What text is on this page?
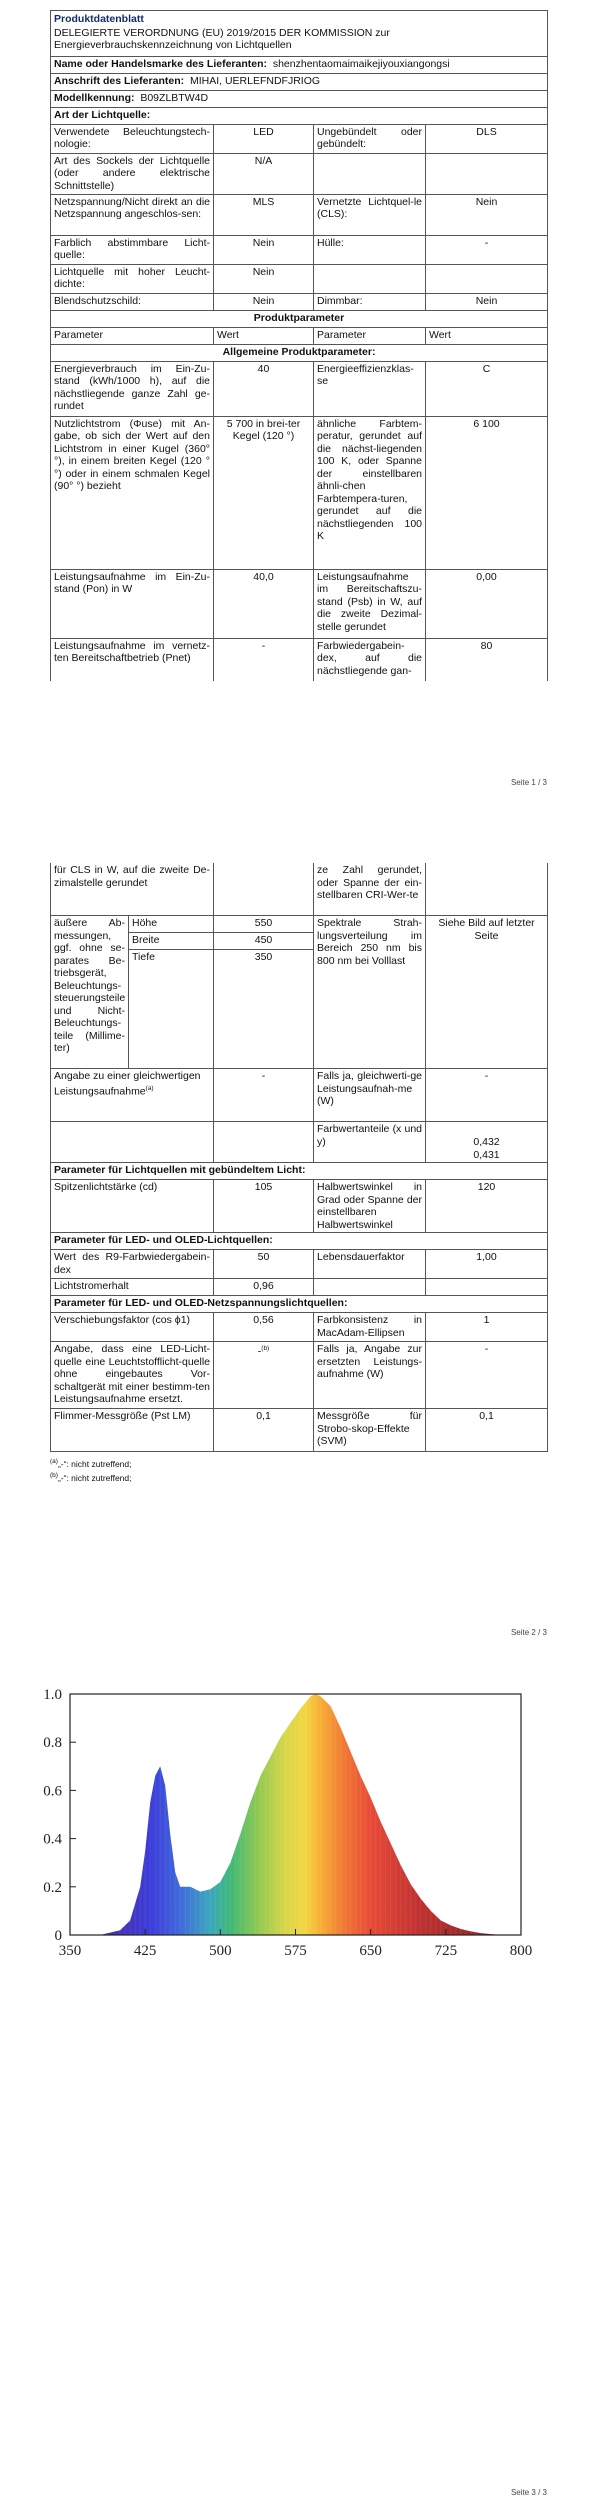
Produktdatenblatt			
DELEGIERTE VERORDNUNG (EU) 2019/2015 DER KOMMISSION zur Energieverbrauchskennzeichnung von Lichtquellen			
Name oder Handelsmarke des Lieferanten: shenzhentaomaimaikejiyouxiangongsi			
Anschrift des Lieferanten: MIHAI, UERLEFNDFJRIOG			
Modellkennung: B09ZLBTW4D			
Art der Lichtquelle:			
Verwendete Beleuchtungstech-nologie:	LED	Ungebündelt oder gebündelt:	DLS
Art des Sockels der Lichtquelle (oder andere elektrische Schnittstelle)	N/A		
Netzspannung/Nicht direkt an die Netzspannung angeschlos-sen:	MLS	Vernetzte Lichtquel-le (CLS):	Nein
Farblich abstimmbare Licht-quelle:	Nein	Hülle:	-
Lichtquelle mit hoher Leucht-dichte:	Nein		
Blendschutzschild:	Nein	Dimmbar:	Nein
Produktparameter			
Parameter	Wert	Parameter	Wert
Allgemeine Produktparameter:			
Energieverbrauch im Ein-Zu-stand (kWh/1000 h), auf die nächstliegende ganze Zahl ge-rundet	40	Energieeffizienzklas-se	C
Nutzlichtstrom (Φuse) mit An-gabe, ob sich der Wert auf den Lichtstrom in einer Kugel (360° °), in einem breiten Kegel (120 °°) oder in einem schmalen Kegel (90° °) bezieht	5 700 in brei-ter Kegel (120 °)	ähnliche Farbtem-peratur, gerundet auf die nächst-liegenden 100 K, oder Spanne der einstellbaren ähnli-chen Farbtempera-turen, gerundet auf die nächstliegenden 100 K	6 100
Leistungsaufnahme im Ein-Zu-stand (Pon) in W	40,0	Leistungsaufnahme im Bereitschaftszu-stand (Psb) in W, auf die zweite Dezimal-stelle gerundet	0,00
Leistungsaufnahme im vernetz-ten Bereitschaftbetrieb (Pnet)	-	Farbwiedergabein-dex, auf die nächstliegende gan-	80
Seite 1 / 3
für CLS in W, auf die zweite De-zimalstelle gerundet			ze Zahl gerundet, oder Spanne der ein-stellbaren CRI-Wer-te	
äußere Ab-messungen, ggf. ohne se-parates Be-triebsgerät, Beleuchtungs-steuerungsteile und Nicht-Beleuchtungs-teile (Millime-ter)	Höhe	550	Spektrale Strah-lungsverteilung im Bereich 250 nm bis 800 nm bei Volllast	Siehe Bild auf letzter Seite
	Breite	450		
	Tiefe	350		

Angabe zu einer gleichwertigen Leistungsaufnahme$^{(a)}$		-	Falls ja, gleichwerti-ge Leistungsaufnah-me (W)	-
			Farbwertanteile (x und y)	0,432
0,431

Parameter für Lichtquellen mit gebündeltem Licht:				
Spitzenlichtstärke (cd)		105	Halbwertswinkel in Grad oder Spanne der einstellbaren Halbwertswinkel	120
Parameter für LED- und OLED-Lichtquellen:				
Wert des R9-Farbwiedergabein-dex		50	Lebensdauerfaktor	1,00
Lichtstromerhalt		0,96		
Parameter für LED- und OLED-Netzspannungslichtquellen:				
Verschiebungsfaktor (cos ϕ1)		0,56	Farbkonsistenz in MacAdam-Ellipsen	1
Angabe, dass eine LED-Licht-quelle eine Leuchtstofflicht-quelle ohne eingebautes Vor-schaltgerät mit einer bestimm-ten Leistungsaufnahme ersetzt.		-$^{(b)}$	Falls ja, Angabe zur ersetzten Leistungs-aufnahme (W)	-
Flimmer-Messgröße (Pst LM)		0,1	Messgröße für Strobo-skop-Effekte (SVM)	0,1
$^{(a)}$„-“: nicht zutreffend;
$^{(b)}$„-“: nicht zutreffend;
Seite 2 / 3
0
0.2
0.4
0.6
0.8
1.0
350	425	500	575	650	725	800
Seite 3 / 3
